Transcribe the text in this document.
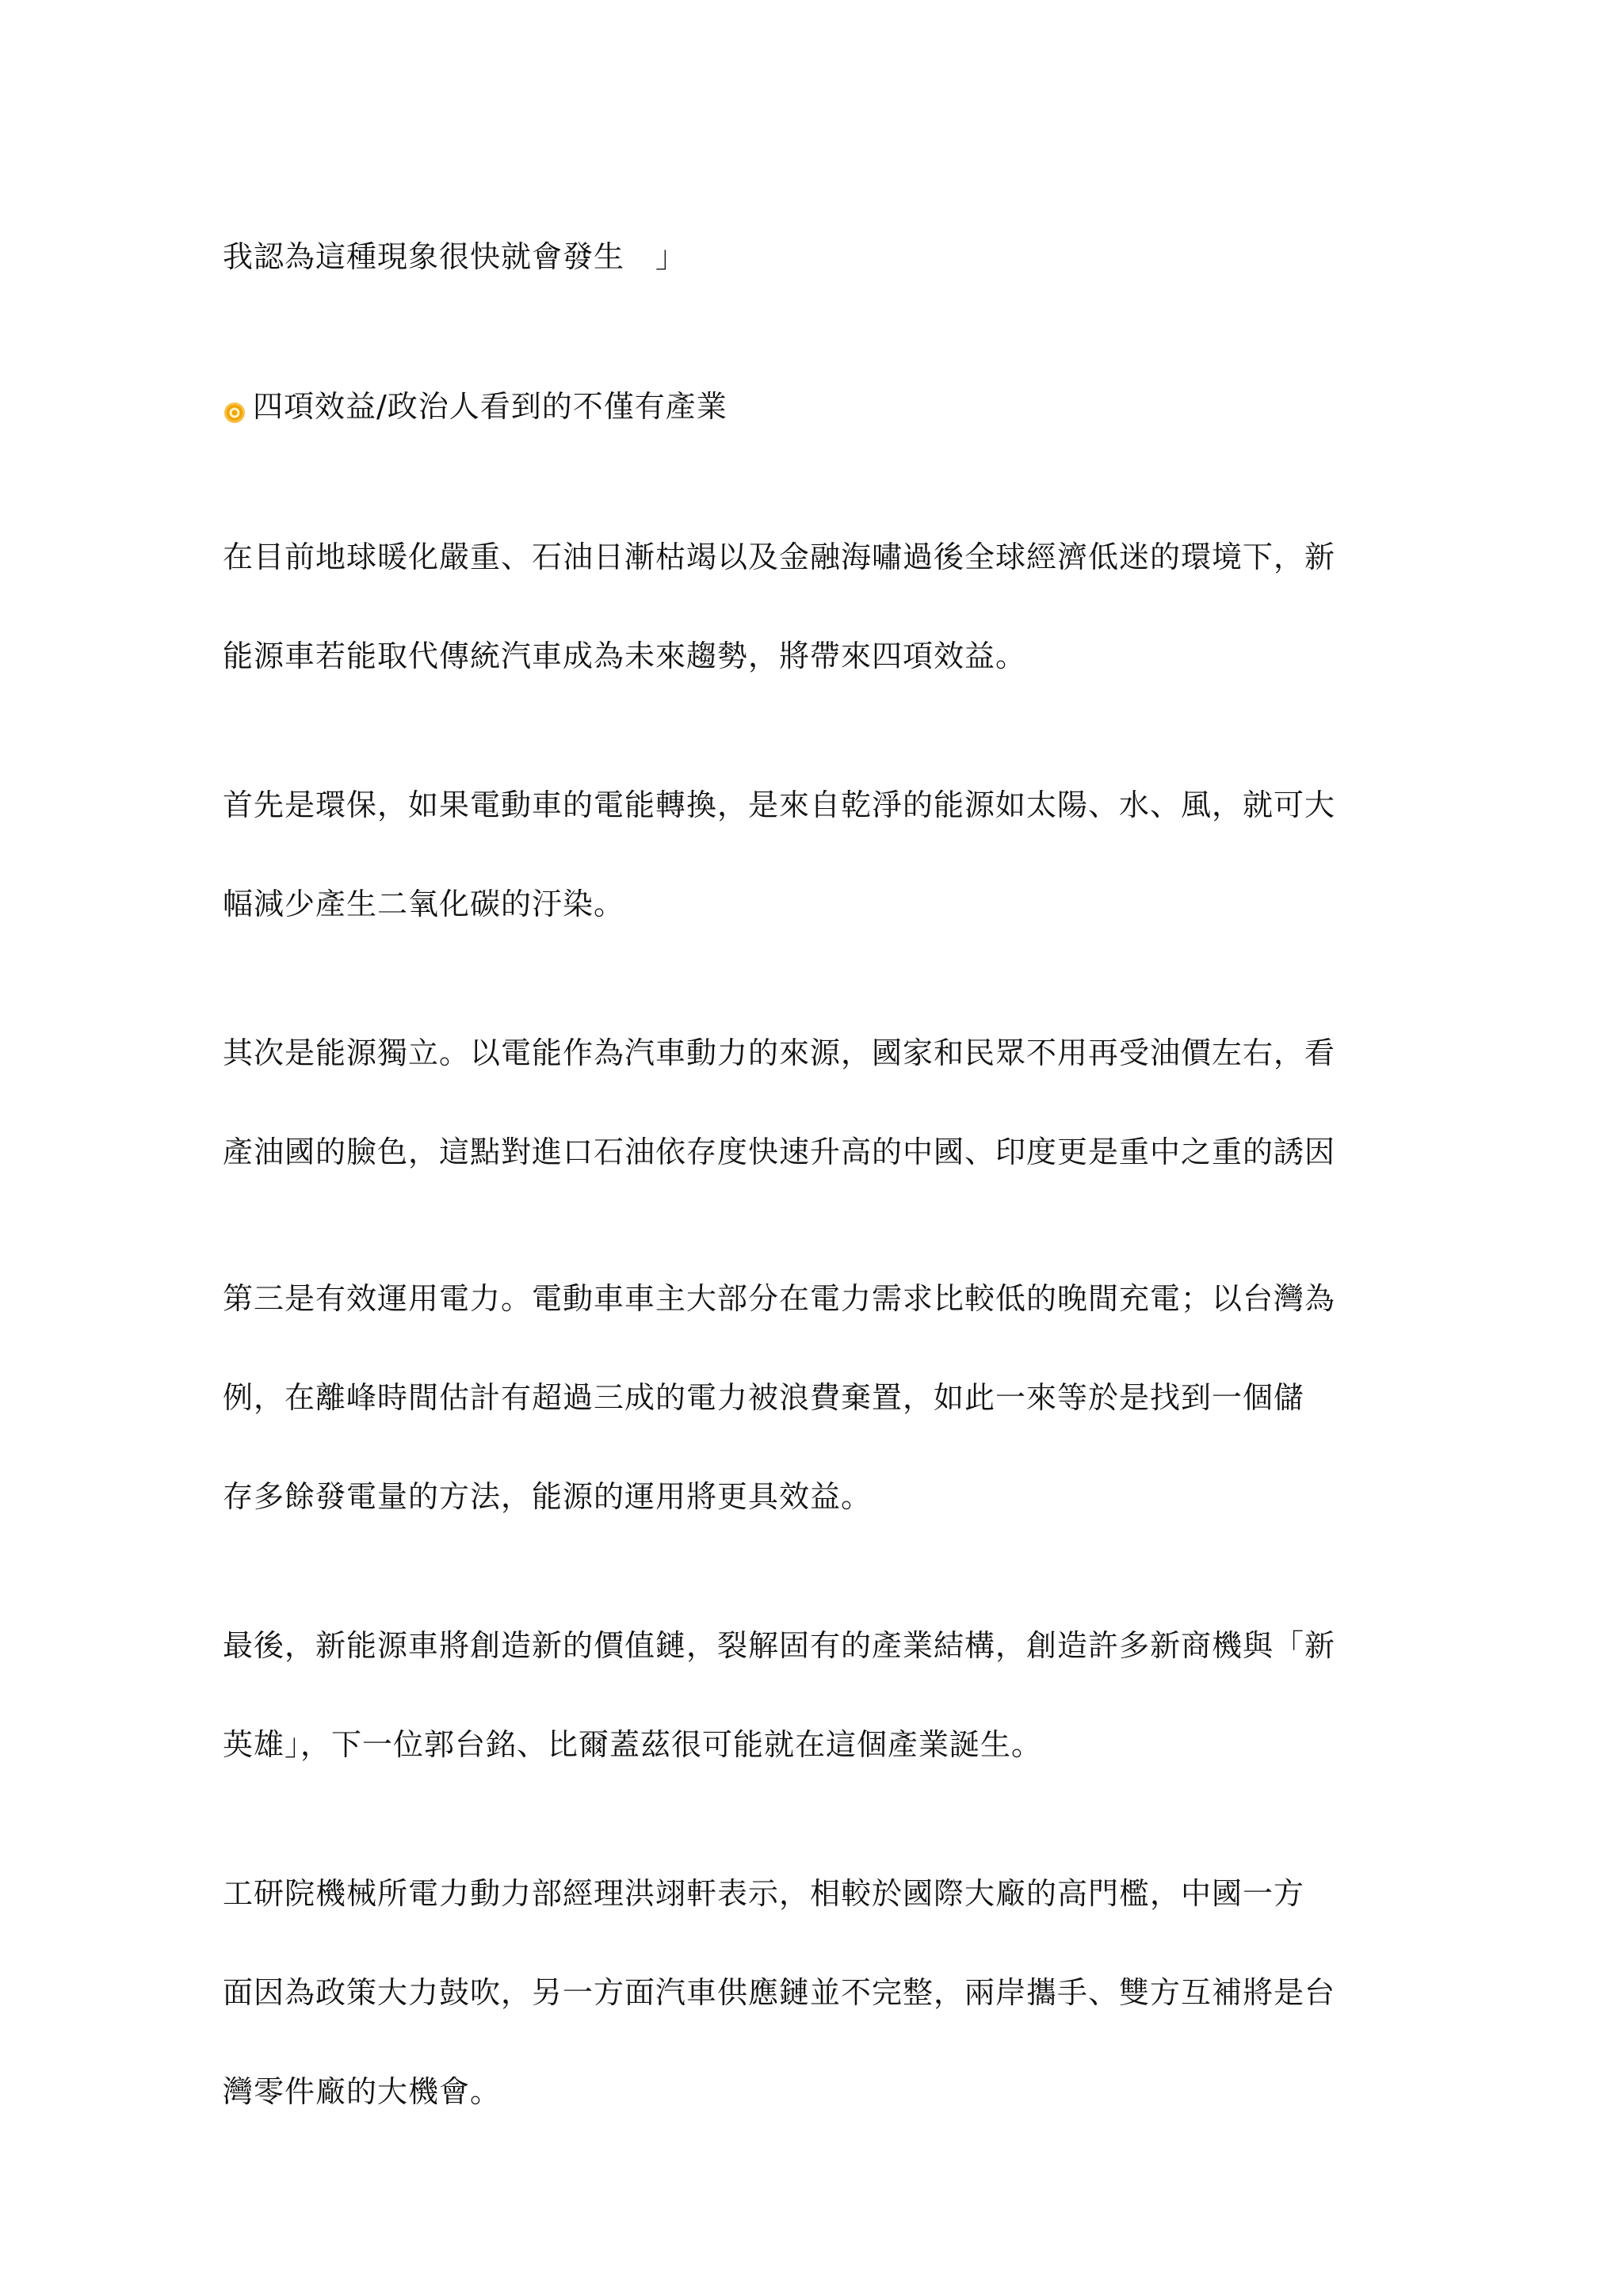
我認為這種現象很快就會發生　」
四項效益/政治人看到的不僅有產業
在目前地球暖化嚴重、石油日漸枯竭以及金融海嘯過後全球經濟低迷的環境下，新
能源車若能取代傳統汽車成為未來趨勢，將帶來四項效益。
首先是環保，如果電動車的電能轉換，是來自乾淨的能源如太陽、水、風，就可大
幅減少產生二氧化碳的汙染。
其次是能源獨立。以電能作為汽車動力的來源，國家和民眾不用再受油價左右，看
產油國的臉色，這點對進口石油依存度快速升高的中國、印度更是重中之重的誘因
第三是有效運用電力。電動車車主大部分在電力需求比較低的晚間充電；以台灣為
例，在離峰時間估計有超過三成的電力被浪費棄置，如此一來等於是找到一個儲
存多餘發電量的方法，能源的運用將更具效益。
最後，新能源車將創造新的價值鏈，裂解固有的產業結構，創造許多新商機與「新
英雄」，下一位郭台銘、比爾蓋茲很可能就在這個產業誕生。
工研院機械所電力動力部經理洪翊軒表示，相較於國際大廠的高門檻，中國一方
面因為政策大力鼓吹，另一方面汽車供應鏈並不完整，兩岸攜手、雙方互補將是台
灣零件廠的大機會。
